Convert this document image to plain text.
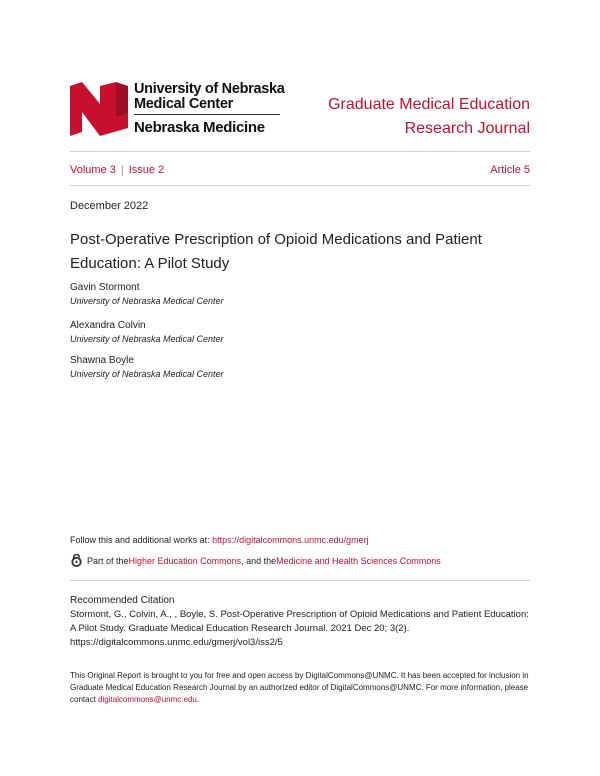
University of Nebraska
Medical Center
Nebraska Medicine
Graduate Medical Education
Research Journal
Volume 3 | Issue 2	Article 5
December 2022
Post-Operative Prescription of Opioid Medications and Patient Education: A Pilot Study
Gavin Stormont
University of Nebraska Medical Center
Alexandra Colvin
University of Nebraska Medical Center
Shawna Boyle
University of Nebraska Medical Center
Follow this and additional works at: https://digitalcommons.unmc.edu/gmerj
Part of the Higher Education Commons , and the Medicine and Health Sciences Commons
Recommended Citation
Stormont, G., Colvin, A., , Boyle, S. Post-Operative Prescription of Opioid Medications and Patient Education: A Pilot Study. Graduate Medical Education Research Journal. 2021 Dec 20; 3(2). https://digitalcommons.unmc.edu/gmerj/vol3/iss2/5
This Original Report is brought to you for free and open access by DigitalCommons@UNMC. It has been accepted for inclusion in Graduate Medical Education Research Journal by an authorized editor of DigitalCommons@UNMC. For more information, please contact digitalcommons@unmc.edu.
